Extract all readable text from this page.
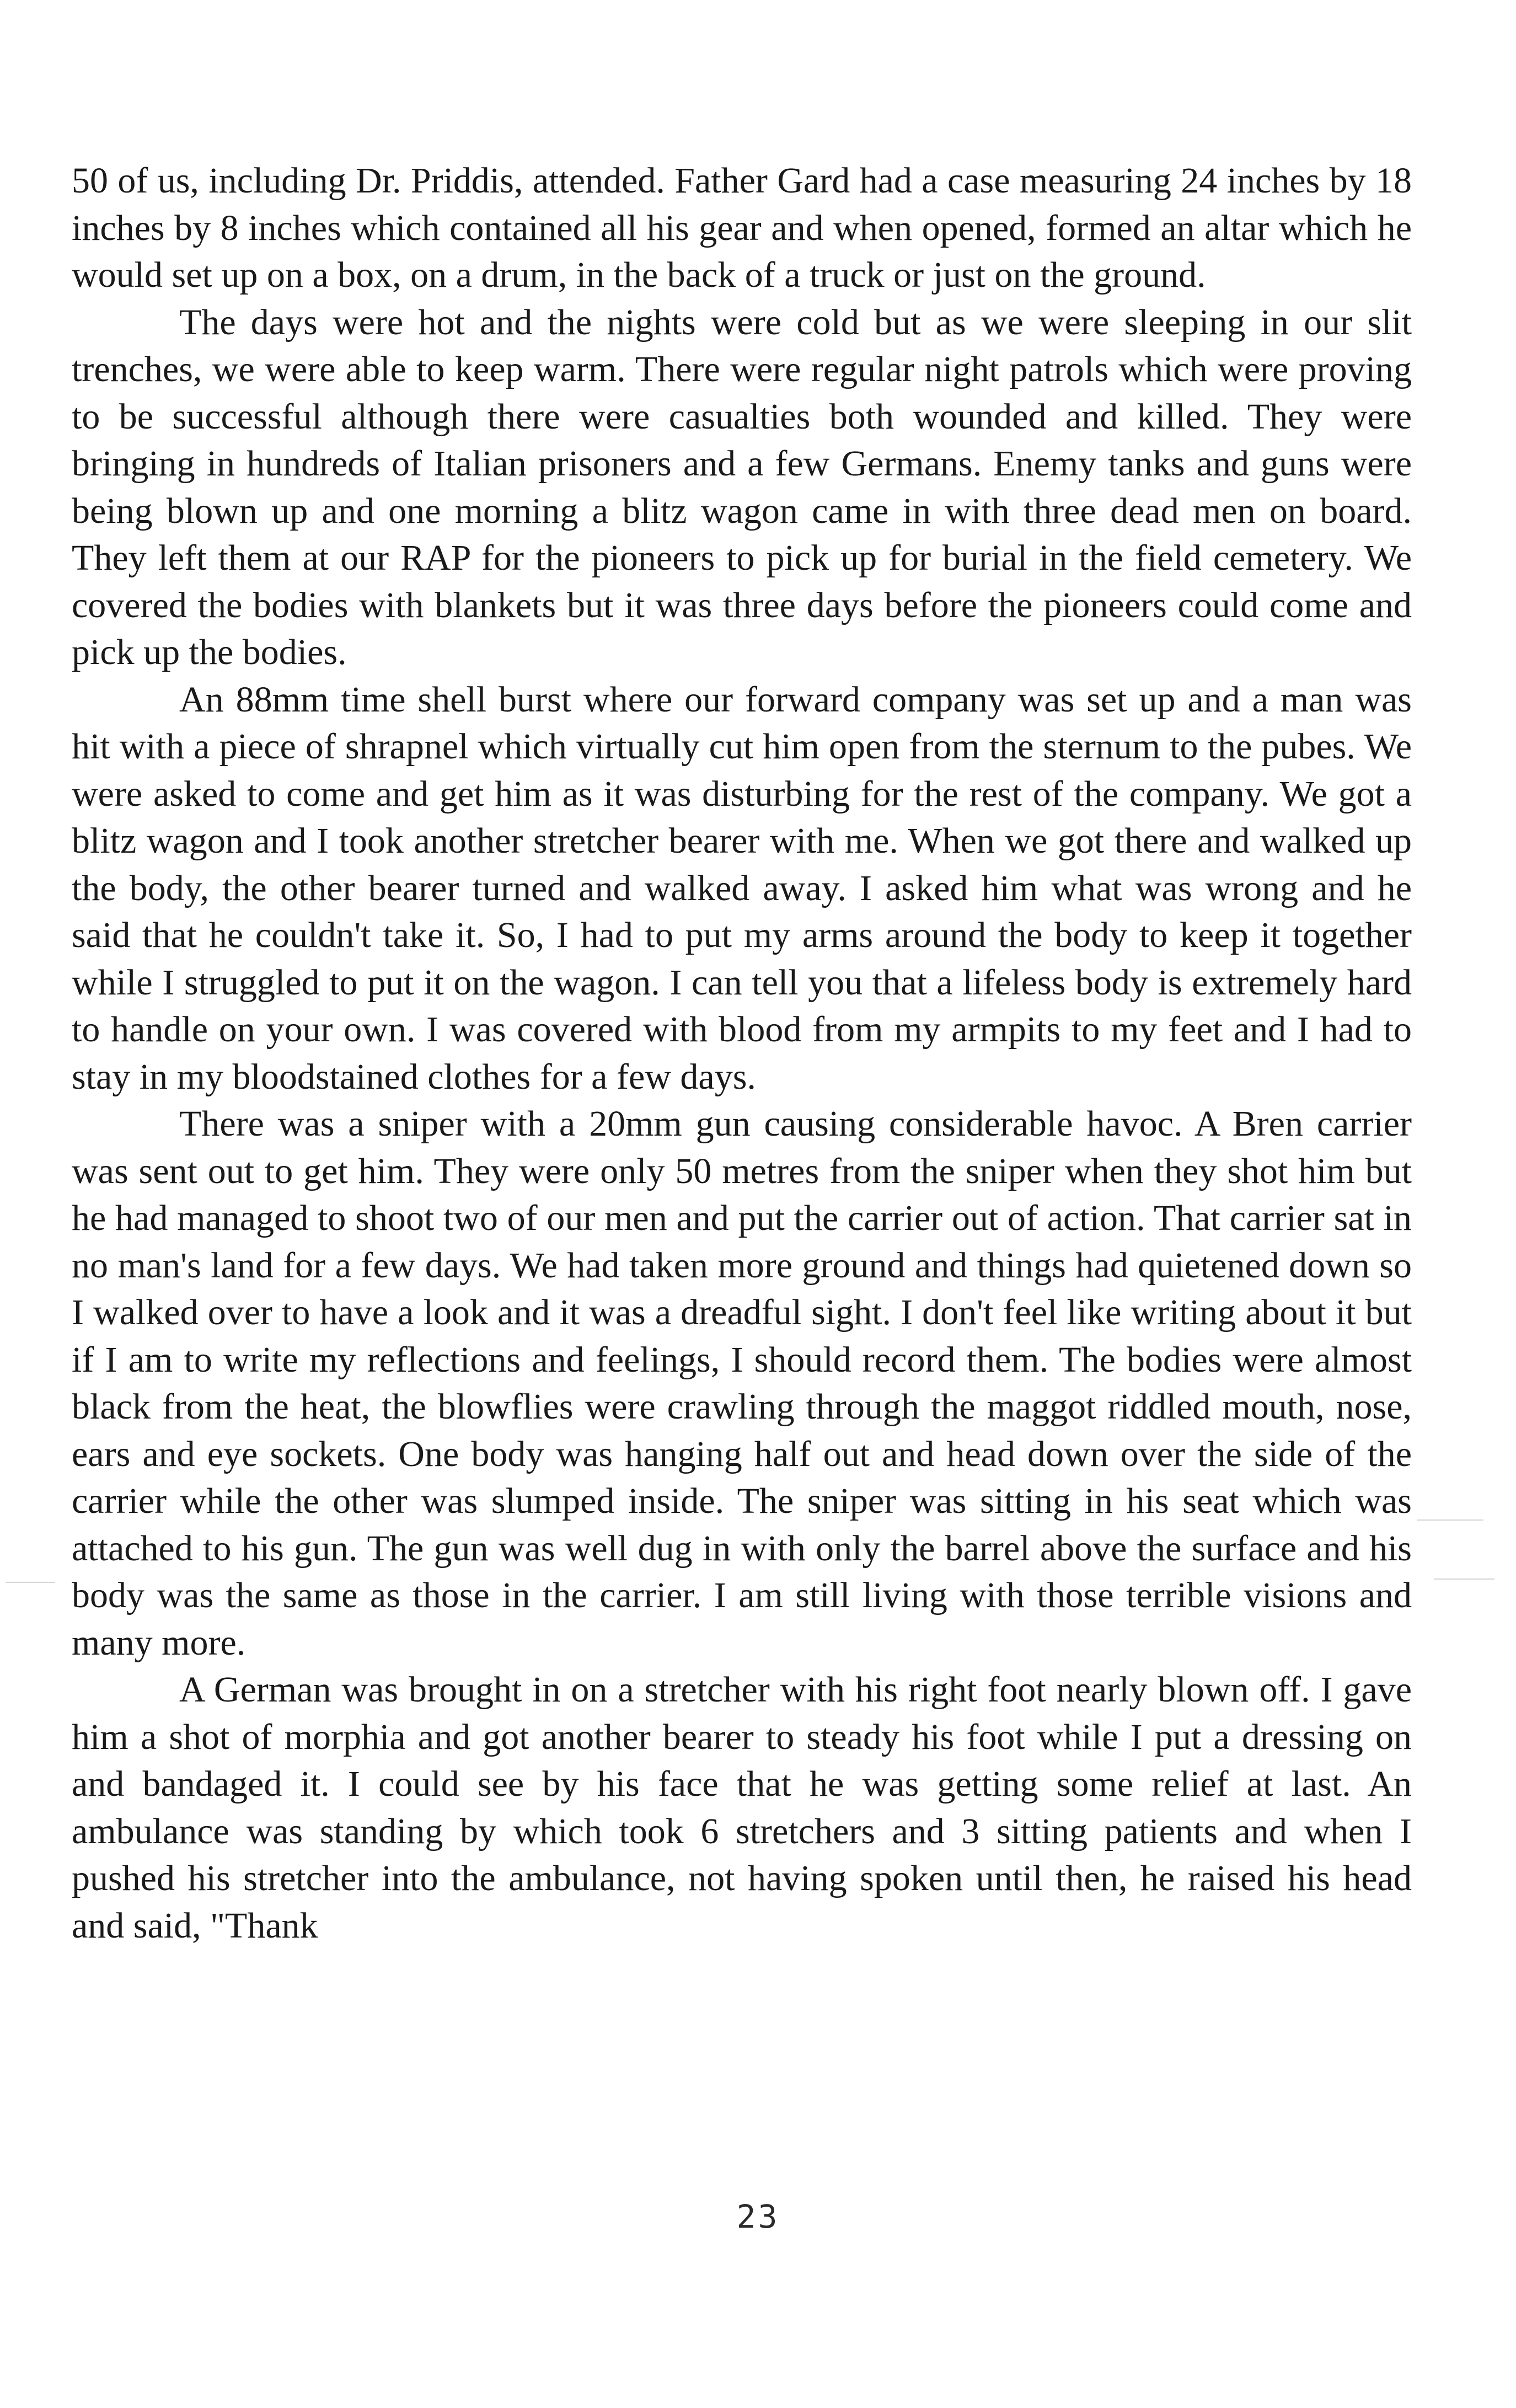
50 of us, including Dr. Priddis, attended. Father Gard had a case measuring 24 inches by 18 inches by 8 inches which contained all his gear and when opened, formed an altar which he would set up on a box, on a drum, in the back of a truck or just on the ground.

The days were hot and the nights were cold but as we were sleeping in our slit trenches, we were able to keep warm. There were regular night patrols which were proving to be successful although there were casualties both wounded and killed. They were bringing in hundreds of Italian prisoners and a few Germans. Enemy tanks and guns were being blown up and one morning a blitz wagon came in with three dead men on board. They left them at our RAP for the pioneers to pick up for burial in the field cemetery. We covered the bodies with blankets but it was three days before the pioneers could come and pick up the bodies.

An 88mm time shell burst where our forward company was set up and a man was hit with a piece of shrapnel which virtually cut him open from the sternum to the pubes. We were asked to come and get him as it was disturbing for the rest of the company. We got a blitz wagon and I took another stretcher bearer with me. When we got there and walked up the body, the other bearer turned and walked away. I asked him what was wrong and he said that he couldn't take it. So, I had to put my arms around the body to keep it together while I struggled to put it on the wagon. I can tell you that a lifeless body is extremely hard to handle on your own. I was covered with blood from my armpits to my feet and I had to stay in my bloodstained clothes for a few days.

There was a sniper with a 20mm gun causing considerable havoc. A Bren carrier was sent out to get him. They were only 50 metres from the sniper when they shot him but he had managed to shoot two of our men and put the carrier out of action. That carrier sat in no man's land for a few days. We had taken more ground and things had quietened down so I walked over to have a look and it was a dreadful sight. I don't feel like writing about it but if I am to write my reflections and feelings, I should record them. The bodies were almost black from the heat, the blowflies were crawling through the maggot riddled mouth, nose, ears and eye sockets. One body was hanging half out and head down over the side of the carrier while the other was slumped inside. The sniper was sitting in his seat which was attached to his gun. The gun was well dug in with only the barrel above the surface and his body was the same as those in the carrier. I am still living with those terrible visions and many more.

A German was brought in on a stretcher with his right foot nearly blown off. I gave him a shot of morphia and got another bearer to steady his foot while I put a dressing on and bandaged it. I could see by his face that he was getting some relief at last. An ambulance was standing by which took 6 stretchers and 3 sitting patients and when I pushed his stretcher into the ambulance, not having spoken until then, he raised his head and said, "Thank

23
